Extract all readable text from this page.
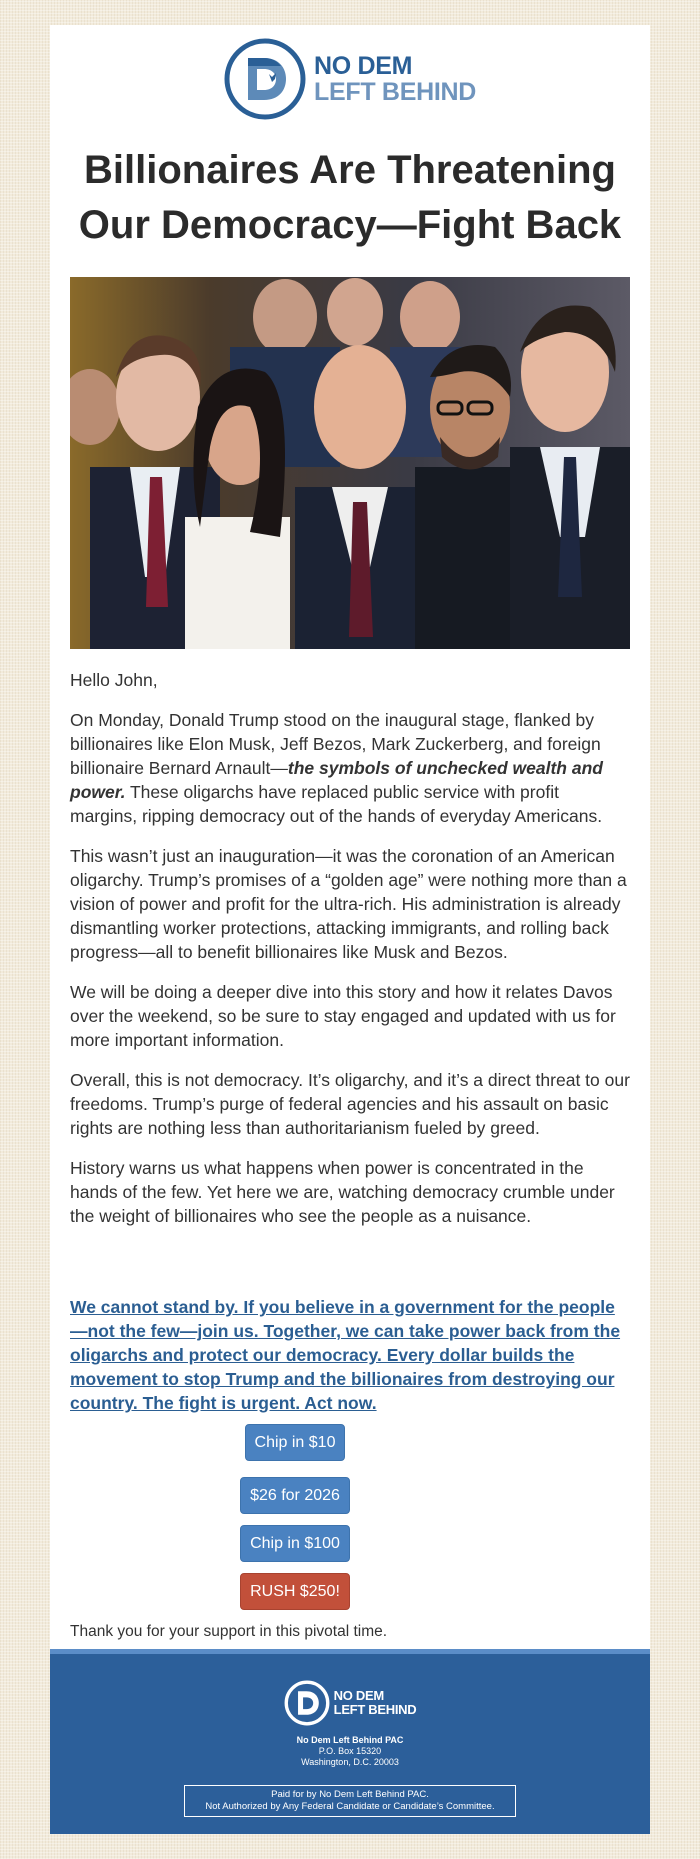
NO DEM
LEFT BEHIND
Billionaires Are Threatening
Our Democracy—Fight Back

Hello John,

On Monday, Donald Trump stood on the inaugural stage, flanked by billionaires like Elon Musk, Jeff Bezos, Mark Zuckerberg, and foreign billionaire Bernard Arnault—the symbols of unchecked wealth and power. These oligarchs have replaced public service with profit margins, ripping democracy out of the hands of everyday Americans.

This wasn’t just an inauguration—it was the coronation of an American oligarchy. Trump’s promises of a “golden age” were nothing more than a vision of power and profit for the ultra-rich. His administration is already dismantling worker protections, attacking immigrants, and rolling back progress—all to benefit billionaires like Musk and Bezos.

We will be doing a deeper dive into this story and how it relates Davos over the weekend, so be sure to stay engaged and updated with us for more important information.

Overall, this is not democracy. It’s oligarchy, and it’s a direct threat to our freedoms. Trump’s purge of federal agencies and his assault on basic rights are nothing less than authoritarianism fueled by greed.

History warns us what happens when power is concentrated in the hands of the few. Yet here we are, watching democracy crumble under the weight of billionaires who see the people as a nuisance.

We cannot stand by. If you believe in a government for the people—not the few—join us. Together, we can take power back from the oligarchs and protect our democracy. Every dollar builds the movement to stop Trump and the billionaires from destroying our country. The fight is urgent. Act now.
Chip in $10
$26 for 2026
Chip in $100
RUSH $250!

Thank you for your support in this pivotal time.

NO DEM
LEFT BEHIND
No Dem Left Behind PAC
P.O. Box 15320
Washington, D.C. 20003
Paid for by No Dem Left Behind PAC.
Not Authorized by Any Federal Candidate or Candidate’s Committee.
